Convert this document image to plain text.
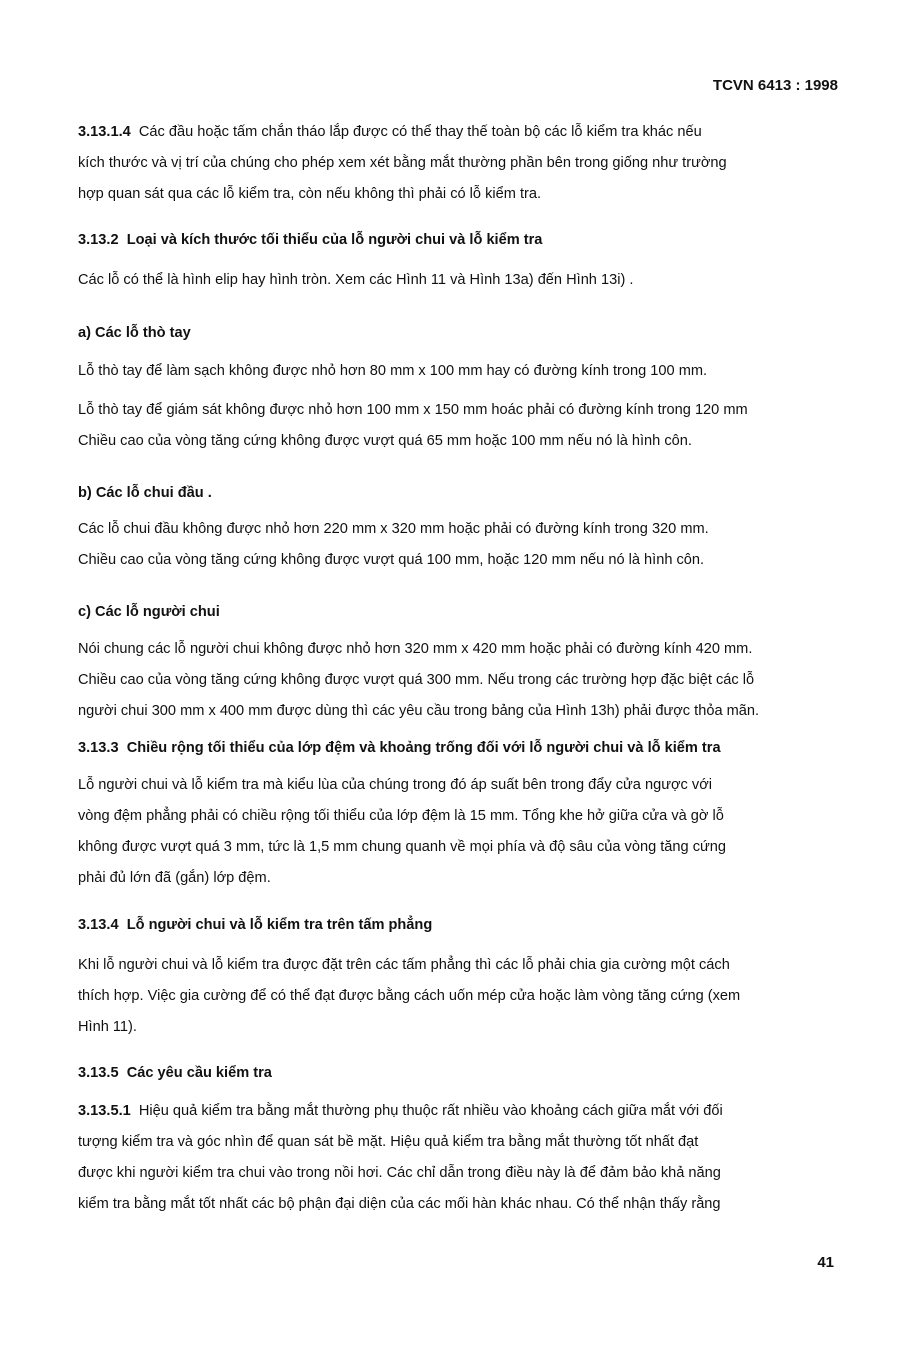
TCVN 6413 : 1998

3.13.1.4 Các đầu hoặc tấm chắn tháo lắp được có thể thay thế toàn bộ các lỗ kiểm tra khác nếu

kích thước và vị trí của chúng cho phép xem xét bằng mắt thường phần bên trong giống như trường

hợp quan sát qua các lỗ kiểm tra, còn nếu không thì phải có lỗ kiểm tra.

3.13.2 Loại và kích thước tối thiểu của lỗ người chui và lỗ kiểm tra

Các lỗ có thể là hình elip hay hình tròn. Xem các Hình 11 và Hình 13a) đến Hình 13i) .

a) Các lỗ thò tay

Lỗ thò tay để làm sạch không được nhỏ hơn 80 mm x 100 mm hay có đường kính trong 100 mm.

Lỗ thò tay để giám sát không được nhỏ hơn 100 mm x 150 mm hoác phải có đường kính trong 120 mm

Chiều cao của vòng tăng cứng không được vượt quá 65 mm hoặc 100 mm nếu nó là hình côn.

b) Các lỗ chui đầu .

Các lỗ chui đầu không được nhỏ hơn 220 mm x 320 mm hoặc phải có đường kính trong 320 mm.

Chiều cao của vòng tăng cứng không được vượt quá 100 mm, hoặc 120 mm nếu nó là hình côn.

c) Các lỗ người chui

Nói chung các lỗ người chui không được nhỏ hơn 320 mm x 420 mm hoặc phải có đường kính 420 mm.

Chiều cao của vòng tăng cứng không được vượt quá 300 mm. Nếu trong các trường hợp đặc biệt các lỗ

người chui 300 mm x 400 mm được dùng thì các yêu cầu trong bảng của Hình 13h) phải được thỏa mãn.

3.13.3 Chiều rộng tối thiểu của lớp đệm và khoảng trống đối với lỗ người chui và lỗ kiểm tra

Lỗ người chui và lỗ kiểm tra mà kiểu lùa của chúng trong đó áp suất bên trong đẩy cửa ngược với

vòng đệm phẳng phải có chiều rộng tối thiểu của lớp đệm là 15 mm. Tổng khe hở giữa cửa và gờ lỗ

không được vượt quá 3 mm, tức là 1,5 mm chung quanh về mọi phía và độ sâu của vòng tăng cứng

phải đủ lớn đã (gắn) lớp đệm.

3.13.4 Lỗ người chui và lỗ kiểm tra trên tấm phẳng

Khi lỗ người chui và lỗ kiểm tra được đặt trên các tấm phẳng thì các lỗ phải chia gia cường một cách

thích hợp. Việc gia cường để có thể đạt được bằng cách uốn mép cửa hoặc làm vòng tăng cứng (xem

Hình 11).

3.13.5 Các yêu cầu kiểm tra

3.13.5.1 Hiệu quả kiểm tra bằng mắt thường phụ thuộc rất nhiều vào khoảng cách giữa mắt với đối

tượng kiểm tra và góc nhìn để quan sát bề mặt. Hiệu quả kiểm tra bằng mắt thường tốt nhất đạt

được khi người kiểm tra chui vào trong nồi hơi. Các chỉ dẫn trong điều này là để đảm bảo khả năng

kiểm tra bằng mắt tốt nhất các bộ phận đại diện của các mối hàn khác nhau. Có thể nhận thấy rằng

41
